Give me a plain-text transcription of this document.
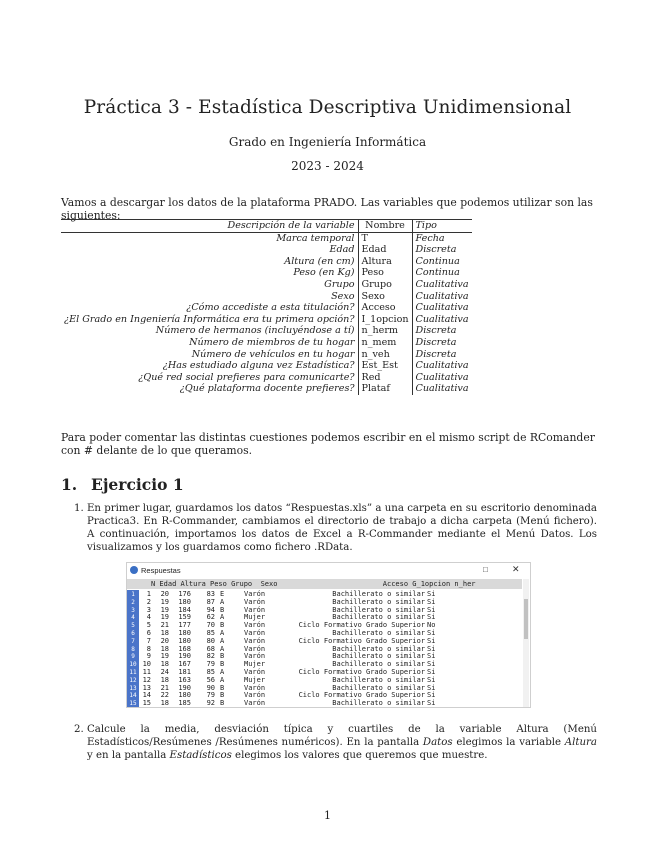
Práctica 3 - Estadística Descriptiva Unidimensional
Grado en Ingeniería Informática
2023 - 2024
Vamos a descargar los datos de la plataforma PRADO. Las variables que podemos utilizar son las siguientes:
Descripción de la variable	Nombre	Tipo
Marca temporal	T	Fecha
Edad	Edad	Discreta
Altura (en cm)	Altura	Continua
Peso (en Kg)	Peso	Continua
Grupo	Grupo	Cualitativa
Sexo	Sexo	Cualitativa
¿Cómo accediste a esta titulación?	Acceso	Cualitativa
¿El Grado en Ingeniería Informática era tu primera opción?	I_1opcion	Cualitativa
Número de hermanos (incluyéndose a tí)	n_herm	Discreta
Número de miembros de tu hogar	n_mem	Discreta
Número de vehículos en tu hogar	n_veh	Discreta
¿Has estudiado alguna vez Estadística?	Est_Est	Cualitativa
¿Qué red social prefieres para comunicarte?	Red	Cualitativa
¿Qué plataforma docente prefieres?	Plataf	Cualitativa
Para poder comentar las distintas cuestiones podemos escribir en el mismo script de RComander con # delante de lo que queramos.
1. Ejercicio 1
1. En primer lugar, guardamos los datos “Respuestas.xls” a una carpeta en su escritorio denominada Practica3. En R-Commander, cambiamos el directorio de trabajo a dicha carpeta (Menú fichero). A continuación, importamos los datos de Excel a R-Commander mediante el Menú Datos. Los visualizamos y los guardamos como fichero .RData.
Respuestas	□	✕
N Edad Altura Peso Grupo  Sexo                         Acceso G_1opcion n_her
1	1	20	176	83 E	Varón	Bachillerato o similar Si
2	2	19	180	87 A	Varón	Bachillerato o similar Si
3	3	19	184	94 B	Varón	Bachillerato o similar Si
4	4	19	159	62 A	Mujer	Bachillerato o similar Si
5	5	21	177	70 B	Varón	Ciclo Formativo Grado Superior No
6	6	18	180	85 A	Varón	Bachillerato o similar Si
7	7	20	180	80 A	Varón	Ciclo Formativo Grado Superior Si
8	8	18	168	68 A	Varón	Bachillerato o similar Si
9	9	19	190	82 B	Varón	Bachillerato o similar Si
10 10	18	167	79 B	Mujer	Bachillerato o similar Si
11 11	24	181	85 A	Varón	Ciclo Formativo Grado Superior Si
12 12	18	163	56 A	Mujer	Bachillerato o similar Si
13 13	21	190	90 B	Varón	Bachillerato o similar Si
14 14	22	180	79 B	Varón	Ciclo Formativo Grado Superior Si
15 15	18	185	92 B	Varón	Bachillerato o similar Si
2. Calcule la media, desviación típica y cuartiles de la variable Altura (Menú Estadísticos/Resúmenes /Resúmenes numéricos). En la pantalla Datos elegimos la variable Altura y en la pantalla Estadísticos elegimos los valores que queremos que muestre.
1
